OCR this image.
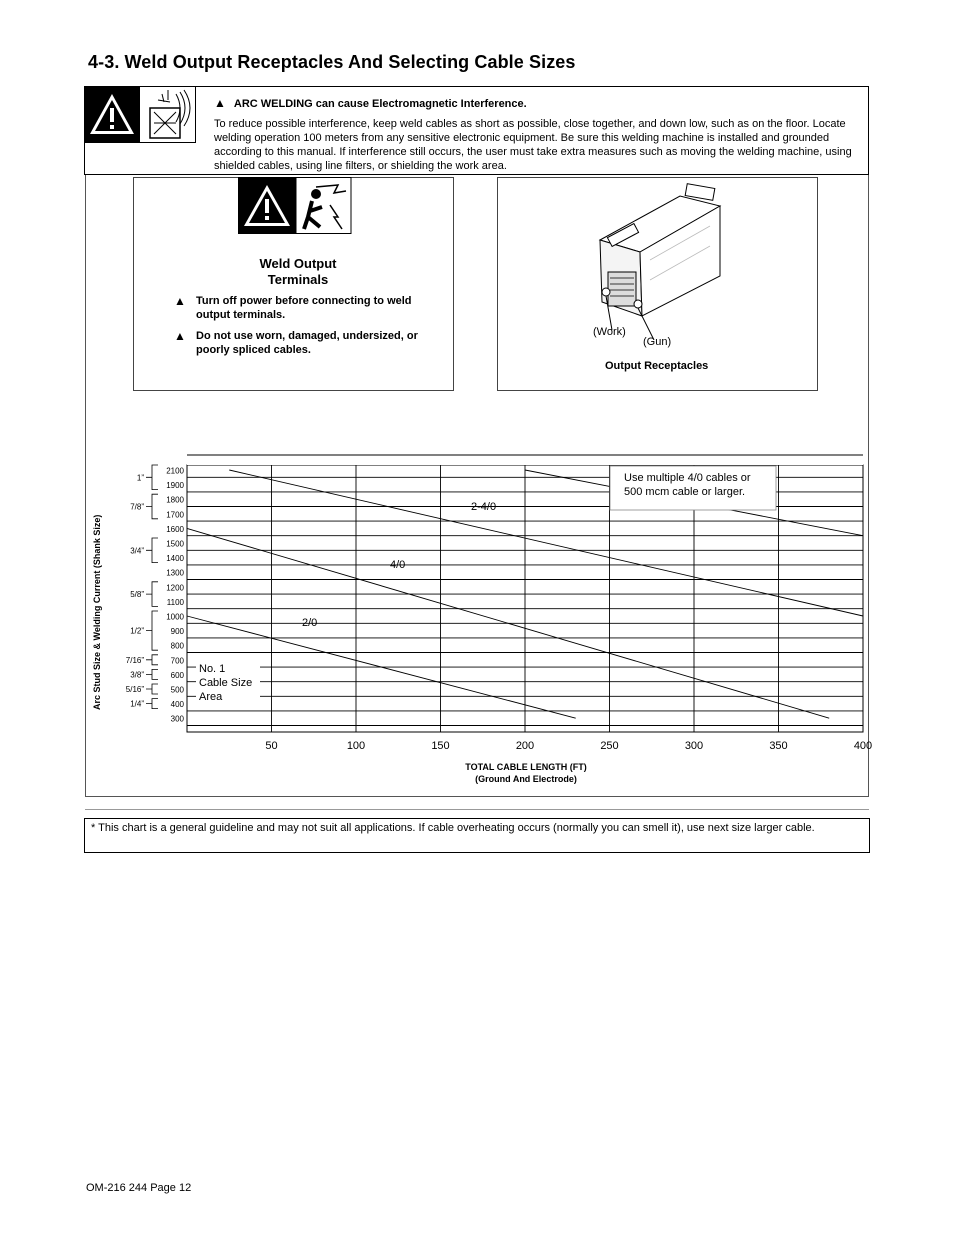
4-3. Weld Output Receptacles And Selecting Cable Sizes
▲ ARC WELDING can cause Electromagnetic Interference.
To reduce possible interference, keep weld cables as short as possible, close together, and down low, such as on the floor. Locate welding operation 100 meters from any sensitive electronic equipment. Be sure this welding machine is installed and grounded according to this manual. If interference still occurs, the user must take extra measures such as moving the welding machine, using shielded cables, using line filters, or shielding the work area.
Weld Output
Terminals
▲ Turn off power before connecting to weld output terminals.
▲ Do not use worn, damaged, undersized, or poorly spliced cables.
(Work)
(Gun)
Output Receptacles
2100
1900
1800
1700
1600
1500
1400
1300
1200
1100
1000
900
800
700
600
500
400
300
50	100	150	200	250	300	350	400
1”
7/8”
3/4”
5/8”
1/2”
7/16”
3/8”
5/16”
1/4”
Use multiple 4/0 cables or
500 mcm cable or larger.
No. 1
Cable Size
Area
2-4/0
4/0
2/0
Arc Stud Size & Welding Current (Shank Size)
TOTAL CABLE LENGTH (FT)
(Ground And Electrode)
* This chart is a general guideline and may not suit all applications. If cable overheating occurs (normally you can smell it), use next size larger cable.
OM-216 244 Page 12
